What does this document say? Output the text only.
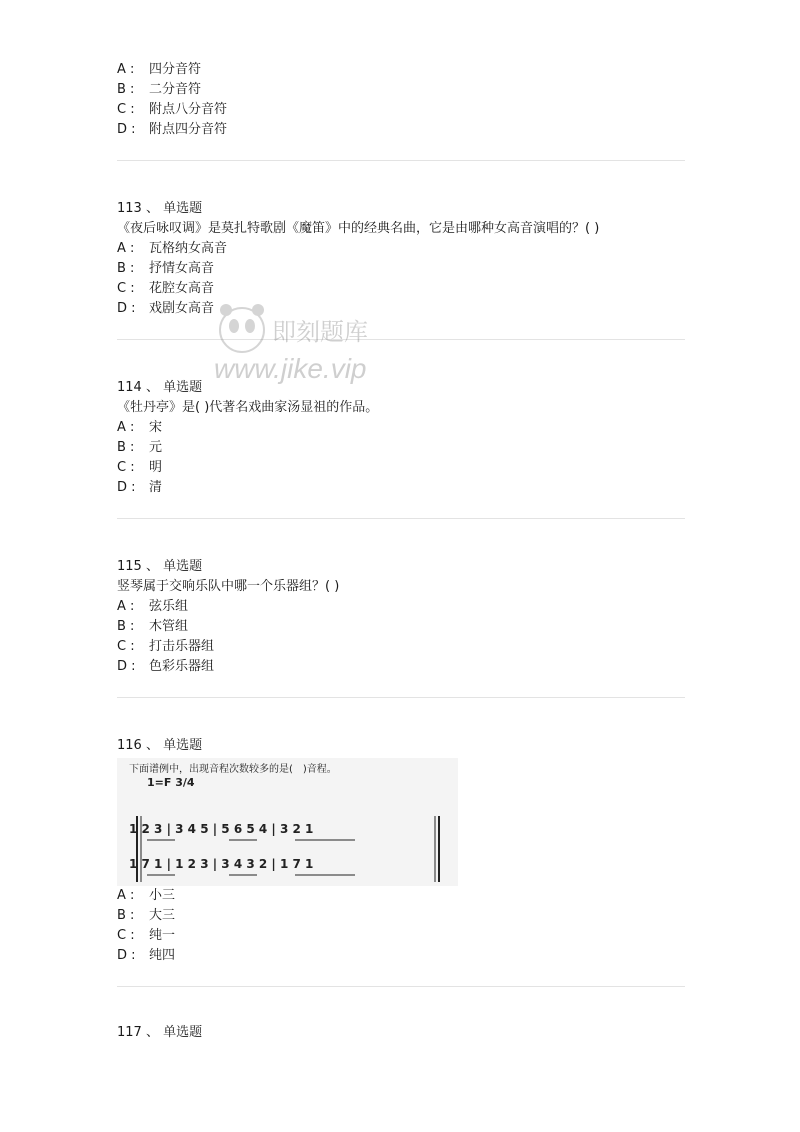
A : 四分音符
B : 二分音符
C : 附点八分音符
D : 附点四分音符
113 、 单选题
《夜后咏叹调》是莫扎特歌剧《魔笛》中的经典名曲，它是由哪种女高音演唱的？( )
A : 瓦格纳女高音
B : 抒情女高音
C : 花腔女高音
D : 戏剧女高音
114 、 单选题
《牡丹亭》是( )代著名戏曲家汤显祖的作品。
A : 宋
B : 元
C : 明
D : 清
115 、 单选题
竖琴属于交响乐队中哪一个乐器组？( )
A : 弦乐组
B : 木管组
C : 打击乐器组
D : 色彩乐器组
116 、 单选题
下面谱例中，出现音程次数较多的是(　)音程。
1=F 3/4
1 2 3 | 3 4 5 | 5 6 5 4 | 3 2 1
1 7 1 | 1 2 3 | 3 4 3 2 | 1 7 1
A : 小三
B : 大三
C : 纯一
D : 纯四
117 、 单选题
即刻题库
www.jike.vip
